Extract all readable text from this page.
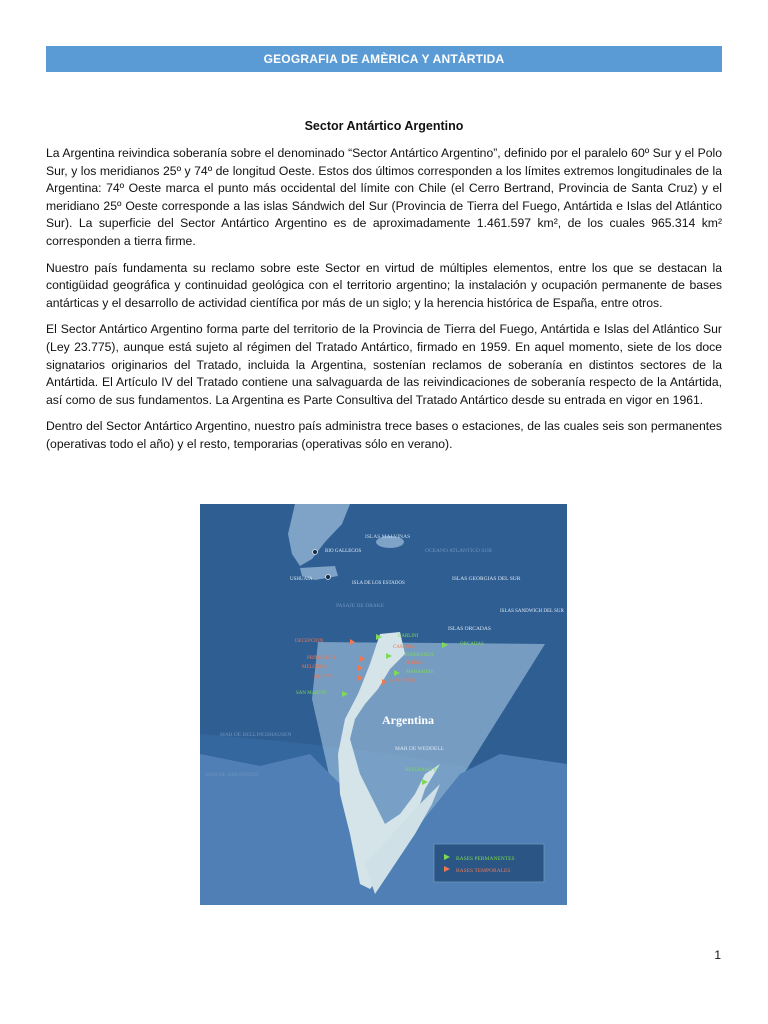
GEOGRAFIA DE AMÈRICA Y ANTÀRTIDA
Sector Antártico Argentino

La Argentina reivindica soberanía sobre el denominado “Sector Antártico Argentino”, definido por el paralelo 60º Sur y el Polo Sur, y los meridianos 25º y 74º de longitud Oeste. Estos dos últimos corresponden a los límites extremos longitudinales de la Argentina: 74º Oeste marca el punto más occidental del límite con Chile (el Cerro Bertrand, Provincia de Santa Cruz) y el meridiano 25º Oeste corresponde a las islas Sándwich del Sur (Provincia de Tierra del Fuego, Antártida e Islas del Atlántico Sur). La superficie del Sector Antártico Argentino es de aproximadamente 1.461.597 km², de los cuales 965.314 km² corresponden a tierra firme.

Nuestro país fundamenta su reclamo sobre este Sector en virtud de múltiples elementos, entre los que se destacan la contigüidad geográfica y continuidad geológica con el territorio argentino; la instalación y ocupación permanente de bases antárticas y el desarrollo de actividad científica por más de un siglo; y la herencia histórica de España, entre otros.

El Sector Antártico Argentino forma parte del territorio de la Provincia de Tierra del Fuego, Antártida e Islas del Atlántico Sur (Ley 23.775), aunque está sujeto al régimen del Tratado Antártico, firmado en 1959. En aquel momento, siete de los doce signatarios originarios del Tratado, incluida la Argentina, sostenían reclamos de soberanía en distintos sectores de la Antártida. El Artículo IV del Tratado contiene una salvaguarda de las reivindicaciones de soberanía respecto de la Antártida, así como de sus fundamentos. La Argentina es Parte Consultiva del Tratado Antártico desde su entrada en vigor en 1961.

Dentro del Sector Antártico Argentino, nuestro país administra trece bases o estaciones, de las cuales seis son permanentes (operativas todo el año) y el resto, temporarias (operativas sólo en verano).

ISLAS MALVINAS
OCEANO ATLANTICO SUR
RIO GALLEGOS
USHUAIA
ISLA DE LOS ESTADOS
ISLAS GEORGIAS DEL SUR
PASAJE DE DRAKE
ISLAS SANDWICH DEL SUR
ISLAS ORCADAS
MAR DE BELLINGSHAUSEN
MAR DE WEDDELL
MAR DE AMUNDSEN
Argentina
CARLINI
ORCADAS
ESPERANZA
MARAMBIO
SAN MARTIN
BELGRANO II
DECEPCION
CAMARA
PRIMAVERA
MELCHIOR
PETREL
BROWN
MATIENZO
BASES PERMANENTES
BASES TEMPORALES
1
